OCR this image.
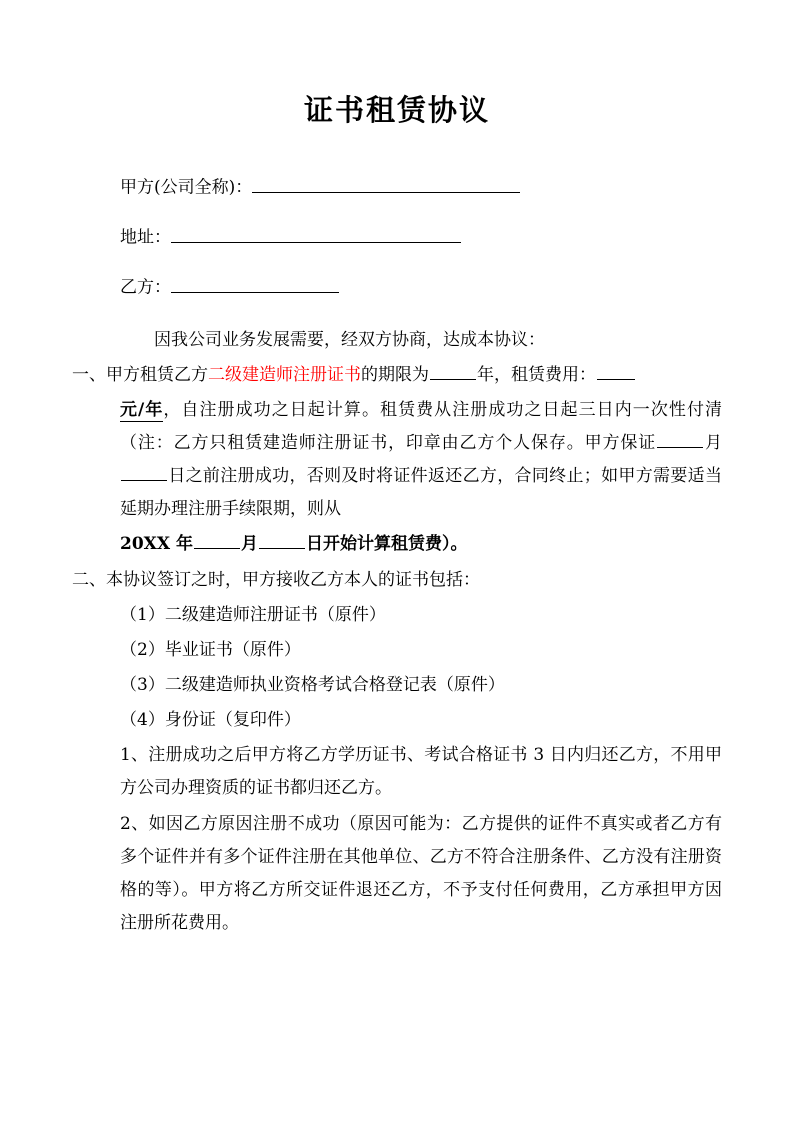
证书租赁协议
甲方(公司全称)：
地址：
乙方：
因我公司业务发展需要，经双方协商，达成本协议：
一、甲方租赁乙方二级建造师注册证书的期限为	年，租赁费用：
元/年，自注册成功之日起计算。租赁费从注册成功之日起三日内一次性付清（注：乙方只租赁建造师注册证书，印章由乙方个人保存。甲方保证	月日之前注册成功，否则及时将证件返还乙方，合同终止；如甲方需要适当延期办理注册手续限期，则从
20XX 年	月	日开始计算租赁费）。
二、本协议签订之时，甲方接收乙方本人的证书包括：
（1）二级建造师注册证书（原件）
（2）毕业证书（原件）
（3）二级建造师执业资格考试合格登记表（原件）
（4）身份证（复印件）
1、注册成功之后甲方将乙方学历证书、考试合格证书 3 日内归还乙方，不用甲方公司办理资质的证书都归还乙方。
2、如因乙方原因注册不成功（原因可能为：乙方提供的证件不真实或者乙方有多个证件并有多个证件注册在其他单位、乙方不符合注册条件、乙方没有注册资格的等）。甲方将乙方所交证件退还乙方，不予支付任何费用，乙方承担甲方因注册所花费用。
